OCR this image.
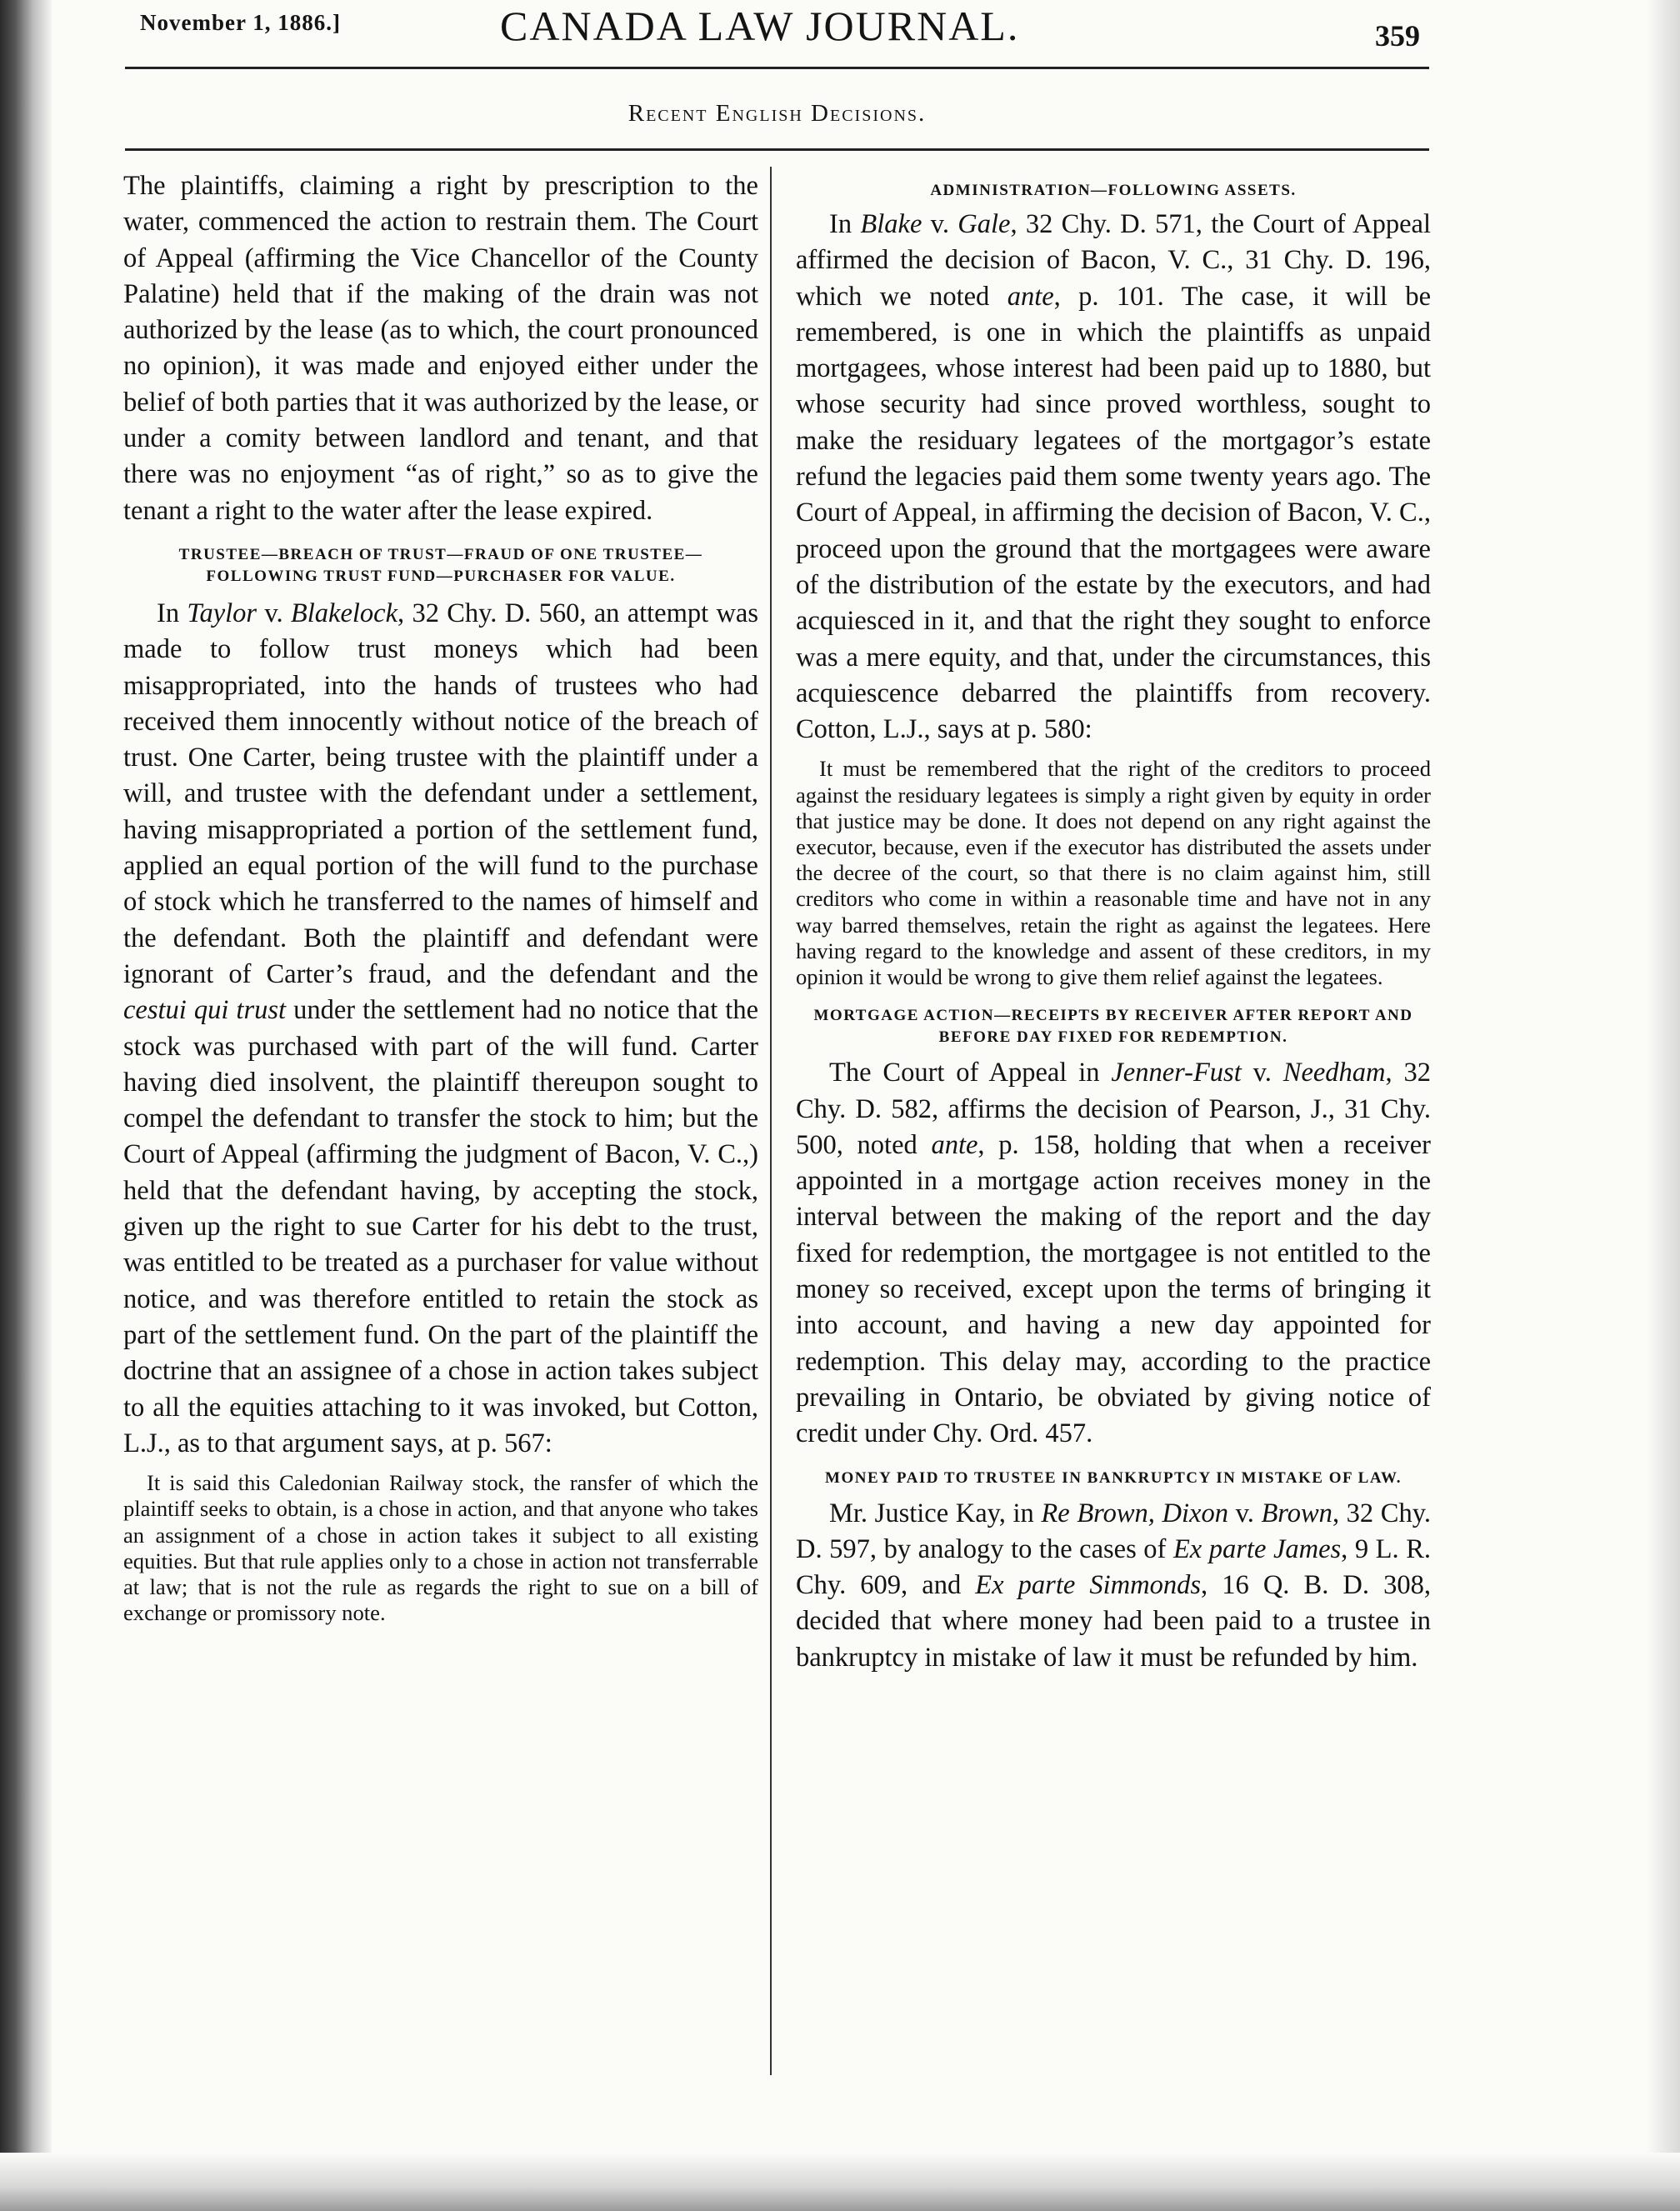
November 1, 1886.]	CANADA LAW JOURNAL.	359
Recent English Decisions.

The plaintiffs, claiming a right by prescription to the water, commenced the action to restrain them. The Court of Appeal (affirming the Vice Chancellor of the County Palatine) held that if the making of the drain was not authorized by the lease (as to which, the court pronounced no opinion), it was made and enjoyed either under the belief of both parties that it was authorized by the lease, or under a comity between landlord and tenant, and that there was no enjoyment “as of right,” so as to give the tenant a right to the water after the lease expired.

TRUSTEE—BREACH OF TRUST—FRAUD OF ONE TRUSTEE—FOLLOWING TRUST FUND—PURCHASER FOR VALUE.

In Taylor v. Blakelock, 32 Chy. D. 560, an attempt was made to follow trust moneys which had been misappropriated, into the hands of trustees who had received them innocently without notice of the breach of trust. One Carter, being trustee with the plaintiff under a will, and trustee with the defendant under a settlement, having misappropriated a portion of the settlement fund, applied an equal portion of the will fund to the purchase of stock which he transferred to the names of himself and the defendant. Both the plaintiff and defendant were ignorant of Carter’s fraud, and the defendant and the cestui qui trust under the settlement had no notice that the stock was purchased with part of the will fund. Carter having died insolvent, the plaintiff thereupon sought to compel the defendant to transfer the stock to him; but the Court of Appeal (affirming the judgment of Bacon, V. C.,) held that the defendant having, by accepting the stock, given up the right to sue Carter for his debt to the trust, was entitled to be treated as a purchaser for value without notice, and was therefore entitled to retain the stock as part of the settlement fund. On the part of the plaintiff the doctrine that an assignee of a chose in action takes subject to all the equities attaching to it was invoked, but Cotton, L.J., as to that argument says, at p. 567:

It is said this Caledonian Railway stock, the ransfer of which the plaintiff seeks to obtain, is a chose in action, and that anyone who takes an assignment of a chose in action takes it subject to all existing equities. But that rule applies only to a chose in action not transferrable at law; that is not the rule as regards the right to sue on a bill of exchange or promissory note.

ADMINISTRATION—FOLLOWING ASSETS.

In Blake v. Gale, 32 Chy. D. 571, the Court of Appeal affirmed the decision of Bacon, V. C., 31 Chy. D. 196, which we noted ante, p. 101. The case, it will be remembered, is one in which the plaintiffs as unpaid mortgagees, whose interest had been paid up to 1880, but whose security had since proved worthless, sought to make the residuary legatees of the mortgagor’s estate refund the legacies paid them some twenty years ago. The Court of Appeal, in affirming the decision of Bacon, V. C., proceed upon the ground that the mortgagees were aware of the distribution of the estate by the executors, and had acquiesced in it, and that the right they sought to enforce was a mere equity, and that, under the circumstances, this acquiescence debarred the plaintiffs from recovery. Cotton, L.J., says at p. 580:

It must be remembered that the right of the creditors to proceed against the residuary legatees is simply a right given by equity in order that justice may be done. It does not depend on any right against the executor, because, even if the executor has distributed the assets under the decree of the court, so that there is no claim against him, still creditors who come in within a reasonable time and have not in any way barred themselves, retain the right as against the legatees. Here having regard to the knowledge and assent of these creditors, in my opinion it would be wrong to give them relief against the legatees.

MORTGAGE ACTION—RECEIPTS BY RECEIVER AFTER REPORT AND BEFORE DAY FIXED FOR REDEMPTION.

The Court of Appeal in Jenner-Fust v. Needham, 32 Chy. D. 582, affirms the decision of Pearson, J., 31 Chy. 500, noted ante, p. 158, holding that when a receiver appointed in a mortgage action receives money in the interval between the making of the report and the day fixed for redemption, the mortgagee is not entitled to the money so received, except upon the terms of bringing it into account, and having a new day appointed for redemption. This delay may, according to the practice prevailing in Ontario, be obviated by giving notice of credit under Chy. Ord. 457.

MONEY PAID TO TRUSTEE IN BANKRUPTCY IN MISTAKE OF LAW.

Mr. Justice Kay, in Re Brown, Dixon v. Brown, 32 Chy. D. 597, by analogy to the cases of Ex parte James, 9 L. R. Chy. 609, and Ex parte Simmonds, 16 Q. B. D. 308, decided that where money had been paid to a trustee in bankruptcy in mistake of law it must be refunded by him.
